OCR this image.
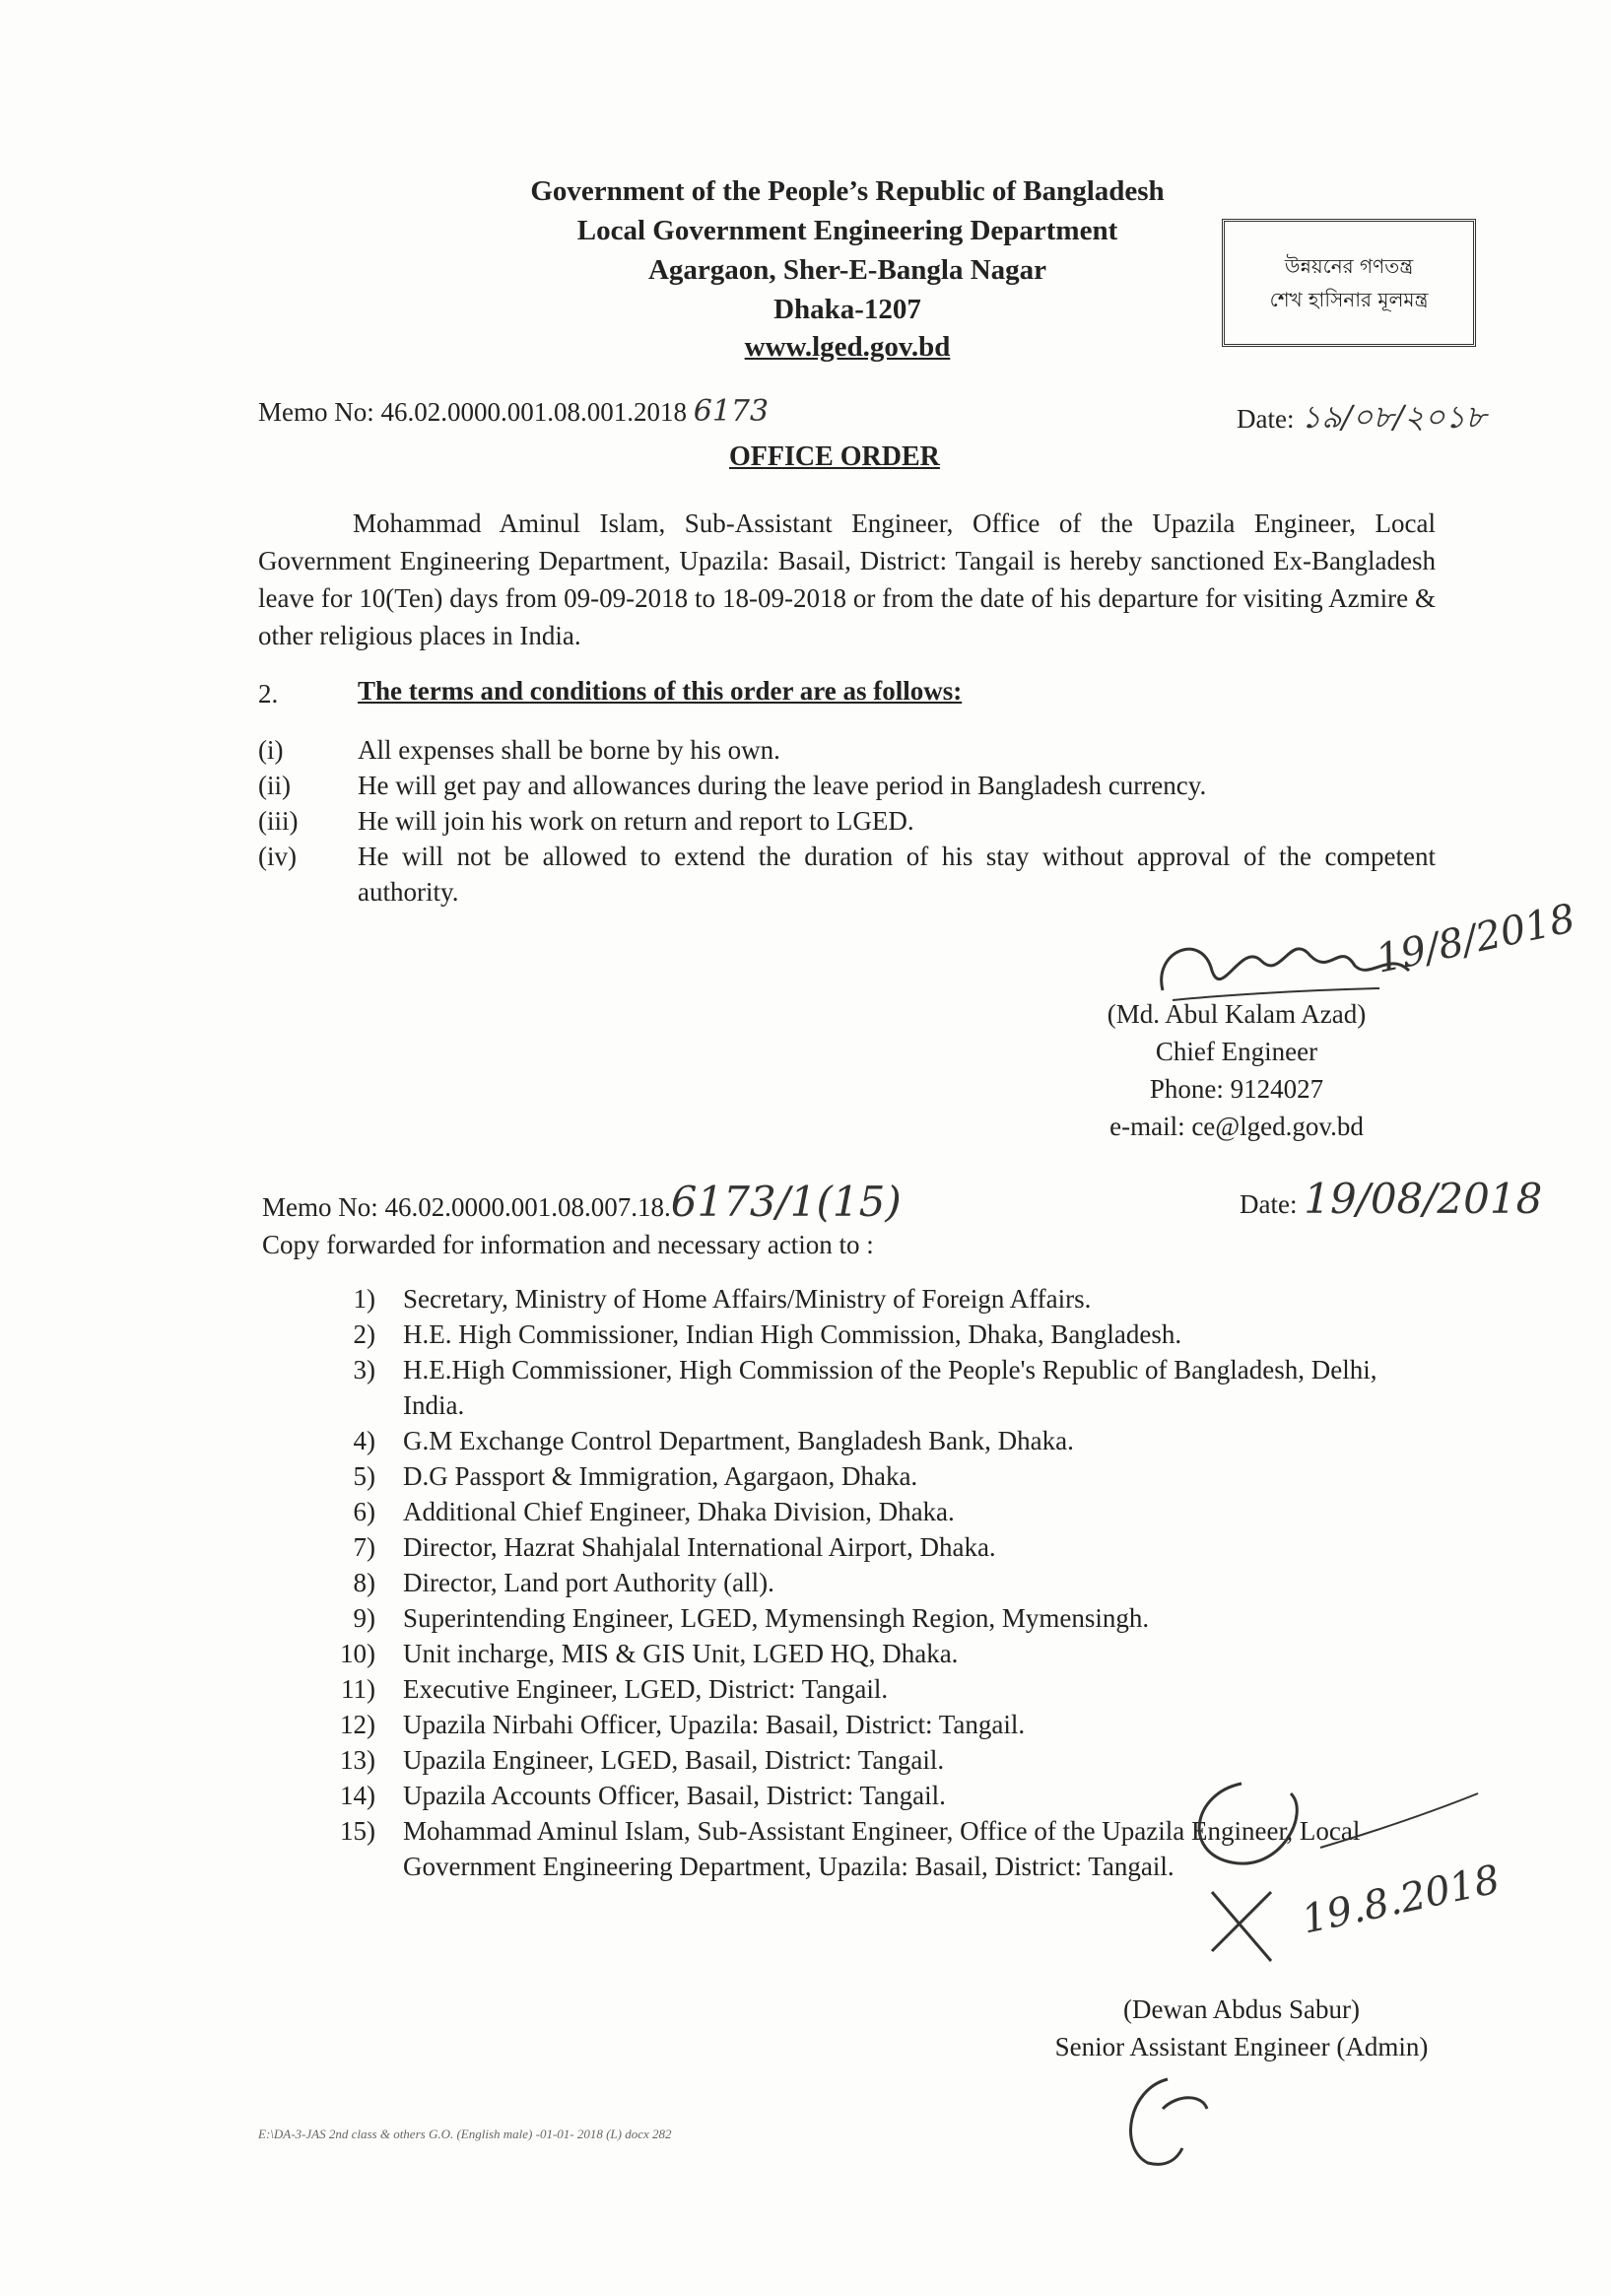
Government of the People’s Republic of Bangladesh
Local Government Engineering Department
Agargaon, Sher-E-Bangla Nagar
Dhaka-1207
www.lged.gov.bd
উন্নয়নের গণতন্ত্র
শেখ হাসিনার মূলমন্ত্র
Memo No: 46.02.0000.001.08.001.2018 6173	Date: ১৯/০৮/২০১৮
OFFICE ORDER
Mohammad Aminul Islam, Sub-Assistant Engineer, Office of the Upazila Engineer, Local Government Engineering Department, Upazila: Basail, District: Tangail is hereby sanctioned Ex-Bangladesh leave for 10(Ten) days from 09-09-2018 to 18-09-2018 or from the date of his departure for visiting Azmire & other religious places in India.
2.	The terms and conditions of this order are as follows:
(i)	All expenses shall be borne by his own.
(ii)	He will get pay and allowances during the leave period in Bangladesh currency.
(iii)	He will join his work on return and report to LGED.
(iv)	He will not be allowed to extend the duration of his stay without approval of the competent authority.
19/8/2018
(Md. Abul Kalam Azad)
Chief Engineer
Phone: 9124027
e-mail: ce@lged.gov.bd
Memo No: 46.02.0000.001.08.007.18.6173/1(15)	Date: 19/08/2018
Copy forwarded for information and necessary action to :
1)	Secretary, Ministry of Home Affairs/Ministry of Foreign Affairs.
2)	H.E. High Commissioner, Indian High Commission, Dhaka, Bangladesh.
3)	H.E.High Commissioner, High Commission of the People's Republic of Bangladesh, Delhi, India.
4)	G.M Exchange Control Department, Bangladesh Bank, Dhaka.
5)	D.G Passport & Immigration, Agargaon, Dhaka.
6)	Additional Chief Engineer, Dhaka Division, Dhaka.
7)	Director, Hazrat Shahjalal International Airport, Dhaka.
8)	Director, Land port Authority (all).
9)	Superintending Engineer, LGED, Mymensingh Region, Mymensingh.
10)	Unit incharge, MIS & GIS Unit, LGED HQ, Dhaka.
11)	Executive Engineer, LGED, District: Tangail.
12)	Upazila Nirbahi Officer, Upazila: Basail, District: Tangail.
13)	Upazila Engineer, LGED, Basail, District: Tangail.
14)	Upazila Accounts Officer, Basail, District: Tangail.
15)	Mohammad Aminul Islam, Sub-Assistant Engineer, Office of the Upazila Engineer, Local Government Engineering Department, Upazila: Basail, District: Tangail.	19.8.2018
(Dewan Abdus Sabur)
Senior Assistant Engineer (Admin)
E:\DA-3-JAS 2nd class & others G.O. (English male) -01-01- 2018 (L) docx 282
